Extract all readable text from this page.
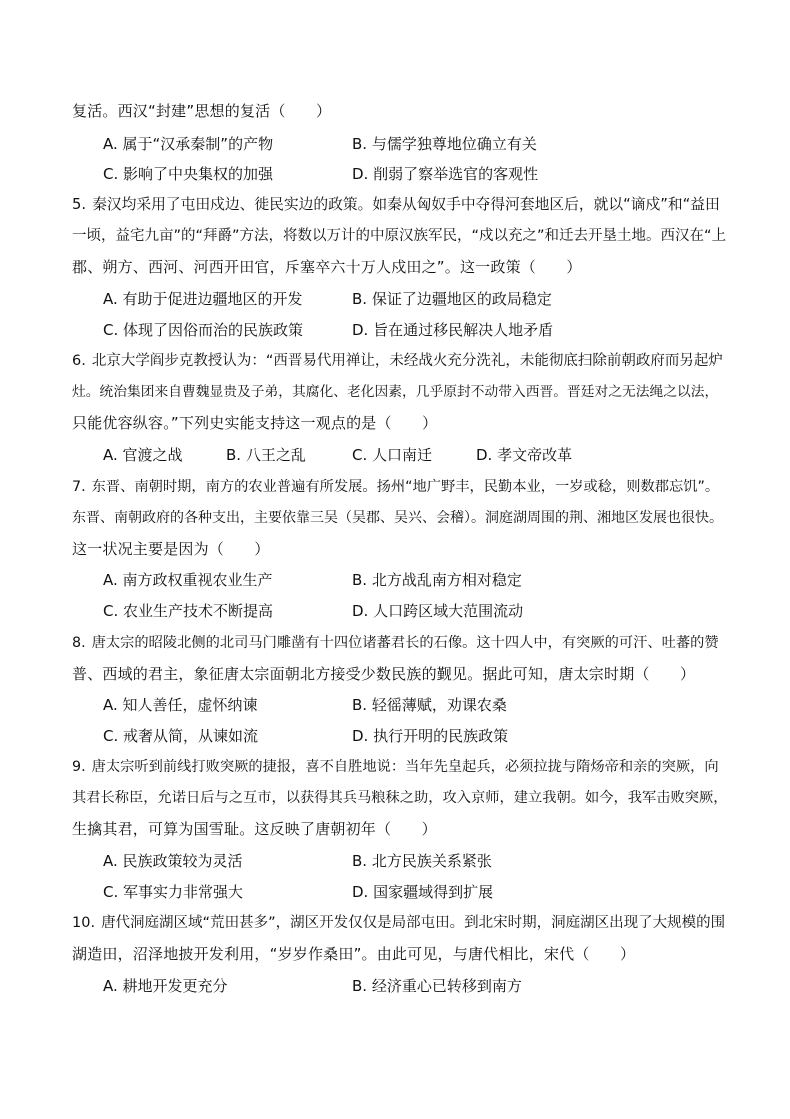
复活。西汉“封建”思想的复活（　　）
A. 属于“汉承秦制”的产物	B. 与儒学独尊地位确立有关
C. 影响了中央集权的加强	D. 削弱了察举选官的客观性
5. 秦汉均采用了屯田戍边、徙民实边的政策。如秦从匈奴手中夺得河套地区后，就以“谪戍”和“益田
一顷，益宅九亩”的“拜爵”方法，将数以万计的中原汉族军民，“戍以充之”和迁去开垦土地。西汉在“上
郡、朔方、西河、河西开田官，斥塞卒六十万人戍田之”。这一政策（　　）
A. 有助于促进边疆地区的开发	B. 保证了边疆地区的政局稳定
C. 体现了因俗而治的民族政策	D. 旨在通过移民解决人地矛盾
6. 北京大学阎步克教授认为：“西晋易代用禅让，未经战火充分洗礼，未能彻底扫除前朝政府而另起炉
灶。统治集团来自曹魏显贵及子弟，其腐化、老化因素，几乎原封不动带入西晋。晋廷对之无法绳之以法，
只能优容纵容。”下列史实能支持这一观点的是（　　）
A. 官渡之战	B. 八王之乱	C. 人口南迁	D. 孝文帝改革
7. 东晋、南朝时期，南方的农业普遍有所发展。扬州“地广野丰，民勤本业，一岁或稔，则数郡忘饥”。
东晋、南朝政府的各种支出，主要依靠三吴（吴郡、吴兴、会稽）。洞庭湖周围的荆、湘地区发展也很快。
这一状况主要是因为（　　）
A. 南方政权重视农业生产	B. 北方战乱南方相对稳定
C. 农业生产技术不断提高	D. 人口跨区域大范围流动
8. 唐太宗的昭陵北侧的北司马门雕凿有十四位诸蕃君长的石像。这十四人中，有突厥的可汗、吐蕃的赞
普、西域的君主，象征唐太宗面朝北方接受少数民族的觐见。据此可知，唐太宗时期（　　）
A. 知人善任，虚怀纳谏	B. 轻徭薄赋，劝课农桑
C. 戒奢从简，从谏如流	D. 执行开明的民族政策
9. 唐太宗听到前线打败突厥的捷报，喜不自胜地说：当年先皇起兵，必须拉拢与隋炀帝和亲的突厥，向
其君长称臣，允诺日后与之互市，以获得其兵马粮秣之助，攻入京师，建立我朝。如今，我军击败突厥，
生擒其君，可算为国雪耻。这反映了唐朝初年（　　）
A. 民族政策较为灵活	B. 北方民族关系紧张
C. 军事实力非常强大	D. 国家疆域得到扩展
10. 唐代洞庭湖区域“荒田甚多”，湖区开发仅仅是局部屯田。到北宋时期，洞庭湖区出现了大规模的围
湖造田，沼泽地披开发利用，“岁岁作桑田”。由此可见，与唐代相比，宋代（　　）
A. 耕地开发更充分	B. 经济重心已转移到南方
